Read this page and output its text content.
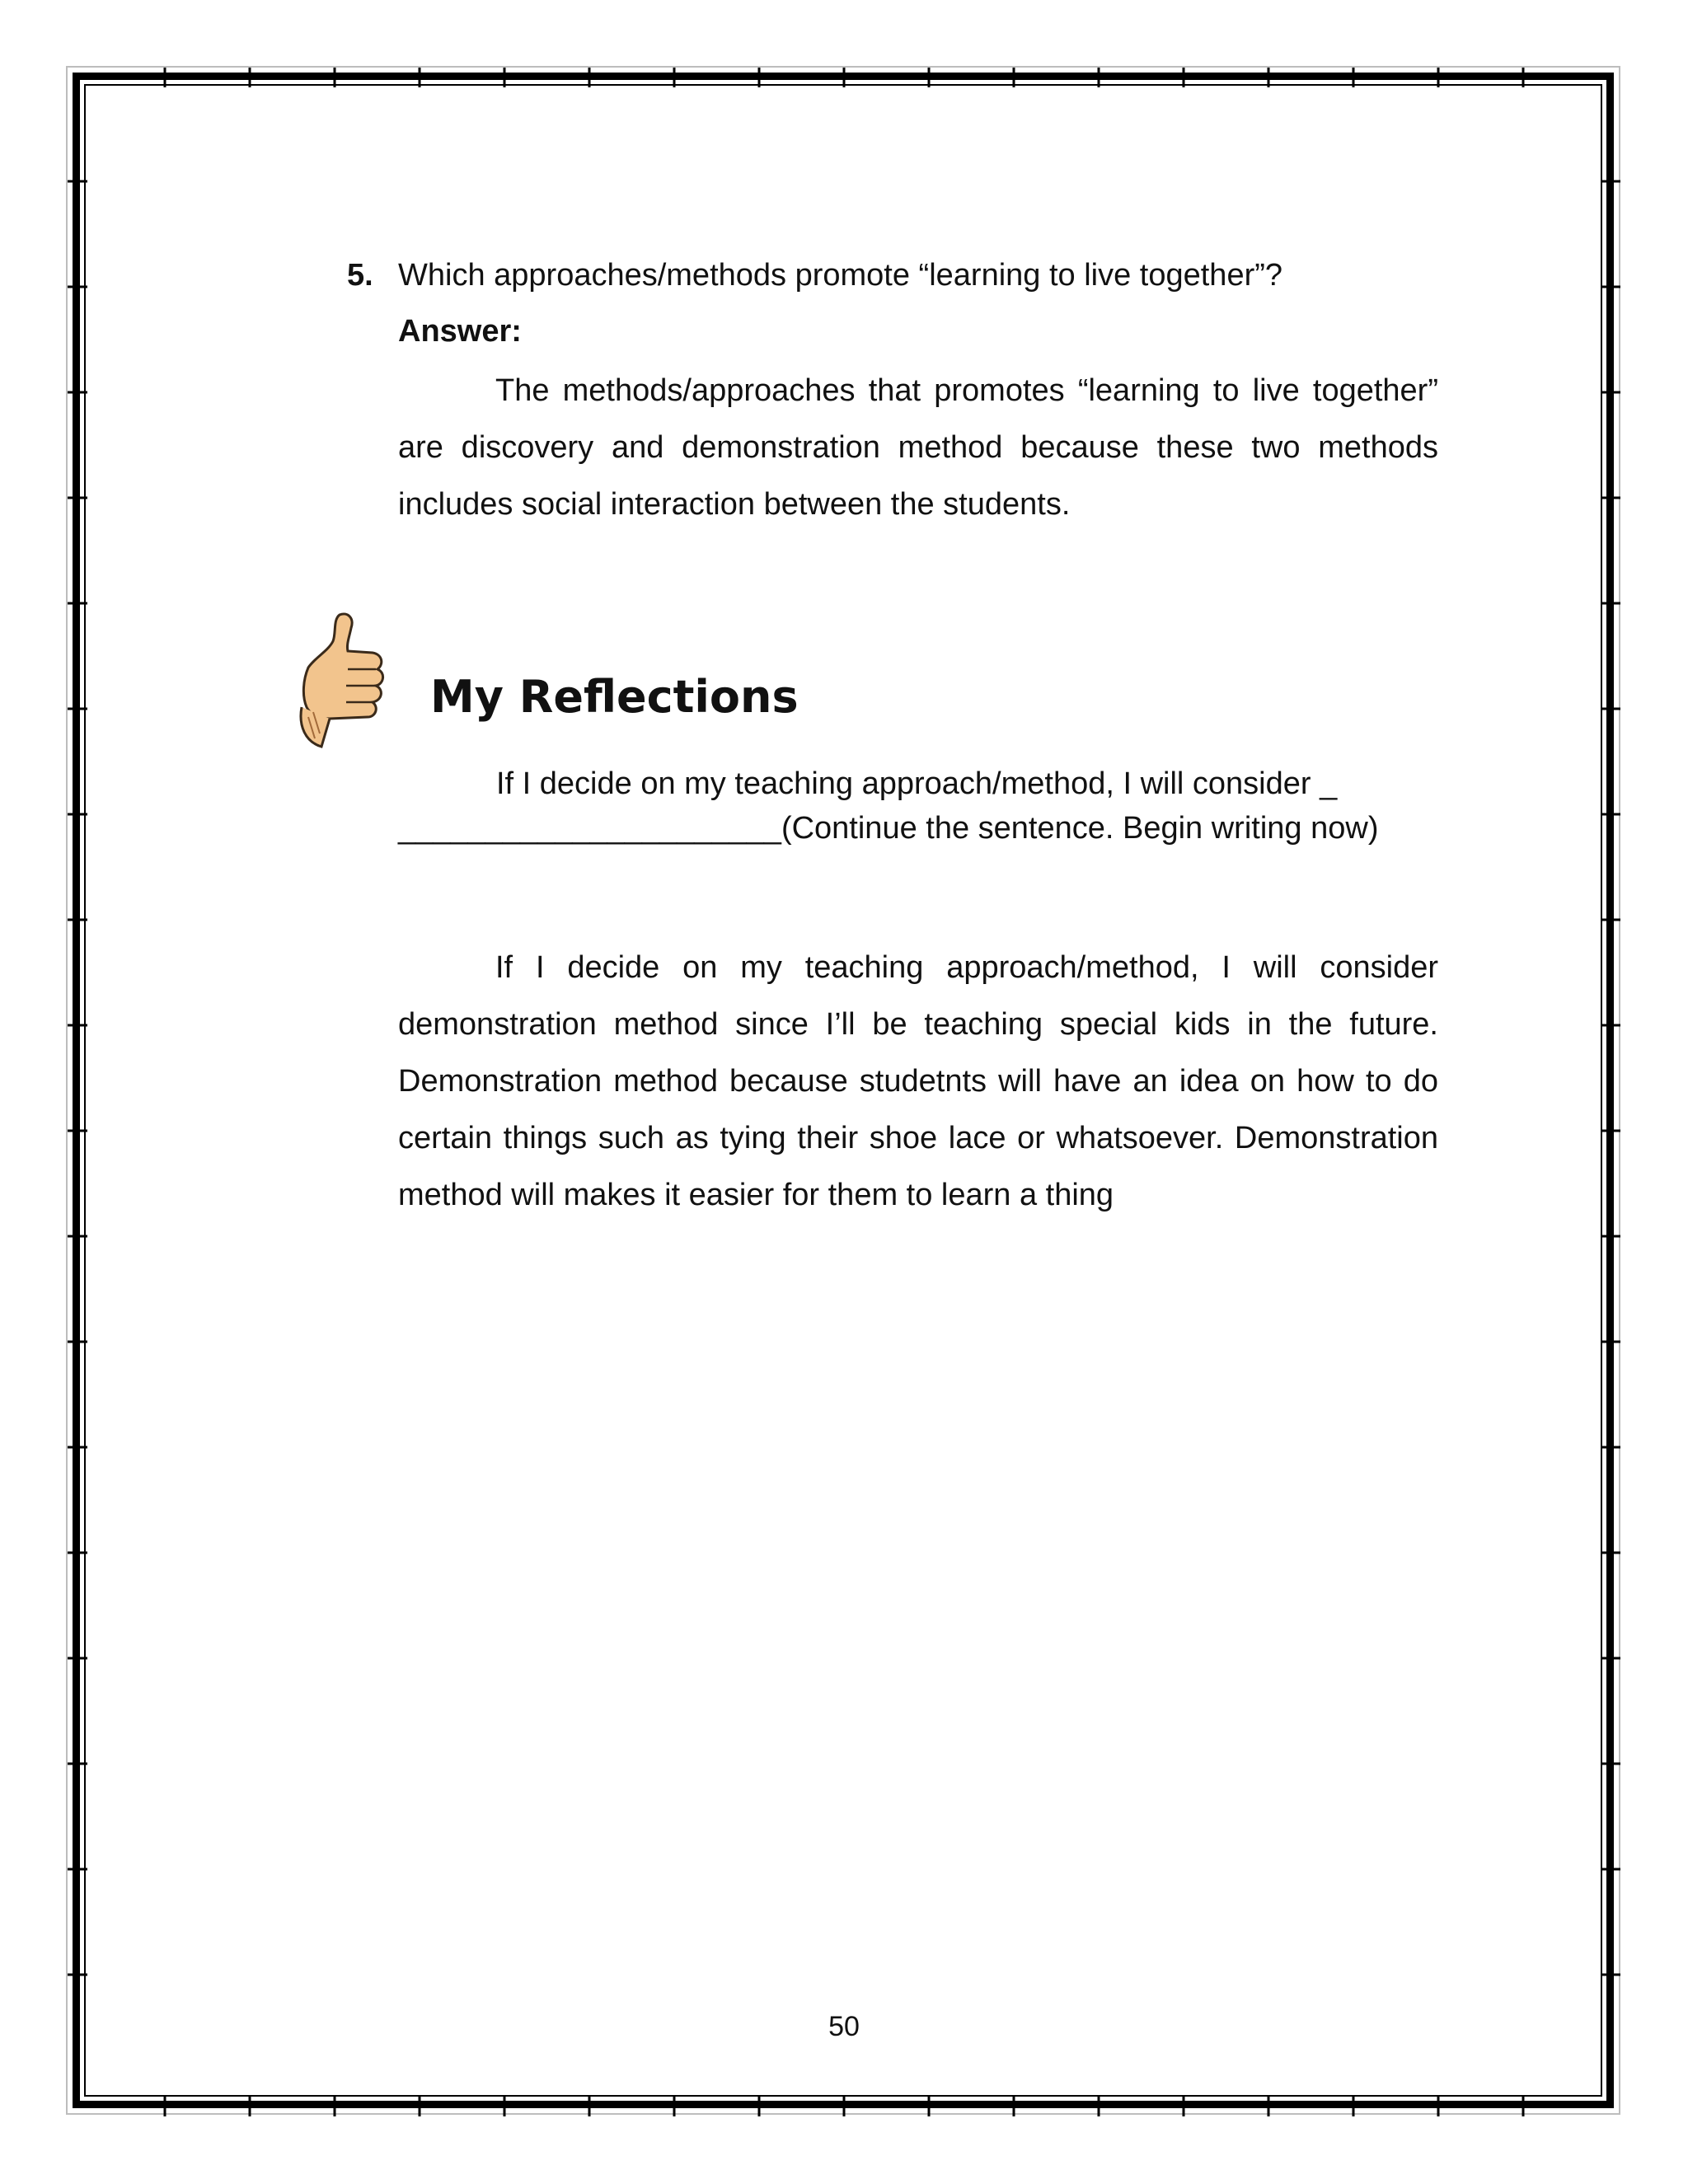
5. Which approaches/methods promote “learning to live together”?
Answer:

The methods/approaches that promotes “learning to live together” are discovery and demonstration method because these two methods includes social interaction between the students.

My Reflections
If I decide on my teaching approach/method, I will consider _
______________________(Continue the sentence. Begin writing now)

If I decide on my teaching approach/method, I will consider demonstration method since I’ll be teaching special kids in the future. Demonstration method because studetnts will have an idea on how to do certain things such as tying their shoe lace or whatsoever. Demonstration method will makes it easier for them to learn a thing

50
